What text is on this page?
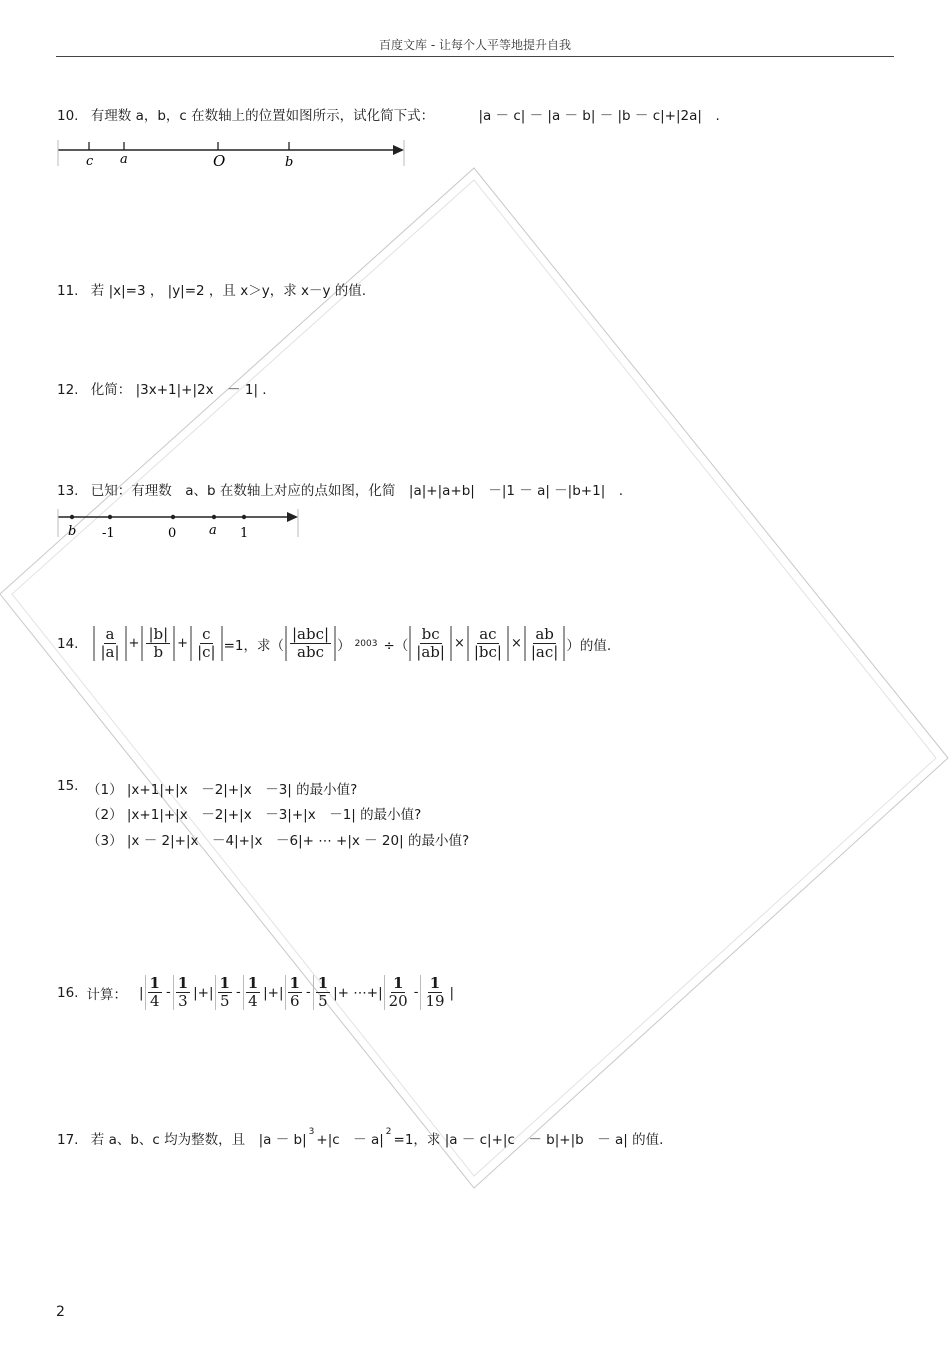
百度文库 - 让每个人平等地提升自我
10. 有理数 a，b，c 在数轴上的位置如图所示，试化简下式：	|a － c| － |a － b| － |b － c|+|2a|　.
c a	O	b
11. 若 |x|=3 ， |y|=2 ，且 x＞y，求 x－y 的值.
12. 化简： |3x+1|+|2x　－ 1| .
13. 已知：有理数　a、b 在数轴上对应的点如图，化简　|a|+|a+b|　－|1 － a| －|b+1|　.
b -1	0	a 1
14. $\frac{a}{|a|} + \frac{|b|}{b} + \frac{c}{|c|} =1$，求（ $\frac{\text{|abc|}}{\text{abc}}$ ） 2003 ÷（ $\frac{bc}{|ab|} \times \frac{ac}{|bc|} \times \frac{ab}{|ac|}$ ）的值.
15. （1） |x+1|+|x　－2|+|x　－3| 的最小值?
（2） |x+1|+|x　－2|+|x　－3|+|x　－1| 的最小值?
（3） |x － 2|+|x　－4|+|x　－6|+ ⋯ +|x － 20| 的最小值?
16. 计算： | $\frac{1}{4} - \frac{1}{3}$ |+| $\frac{1}{5} - \frac{1}{4}$ |+| $\frac{1}{6} - \frac{1}{5}$ |+ ⋯+| $\frac{1}{20} - \frac{1}{19}$ |
17. 若 a、b、c 均为整数，且　|a － b| $^3$ +|c　－ a| $^2$ =1，求 |a － c|+|c　－ b|+|b　－ a| 的值.
2
